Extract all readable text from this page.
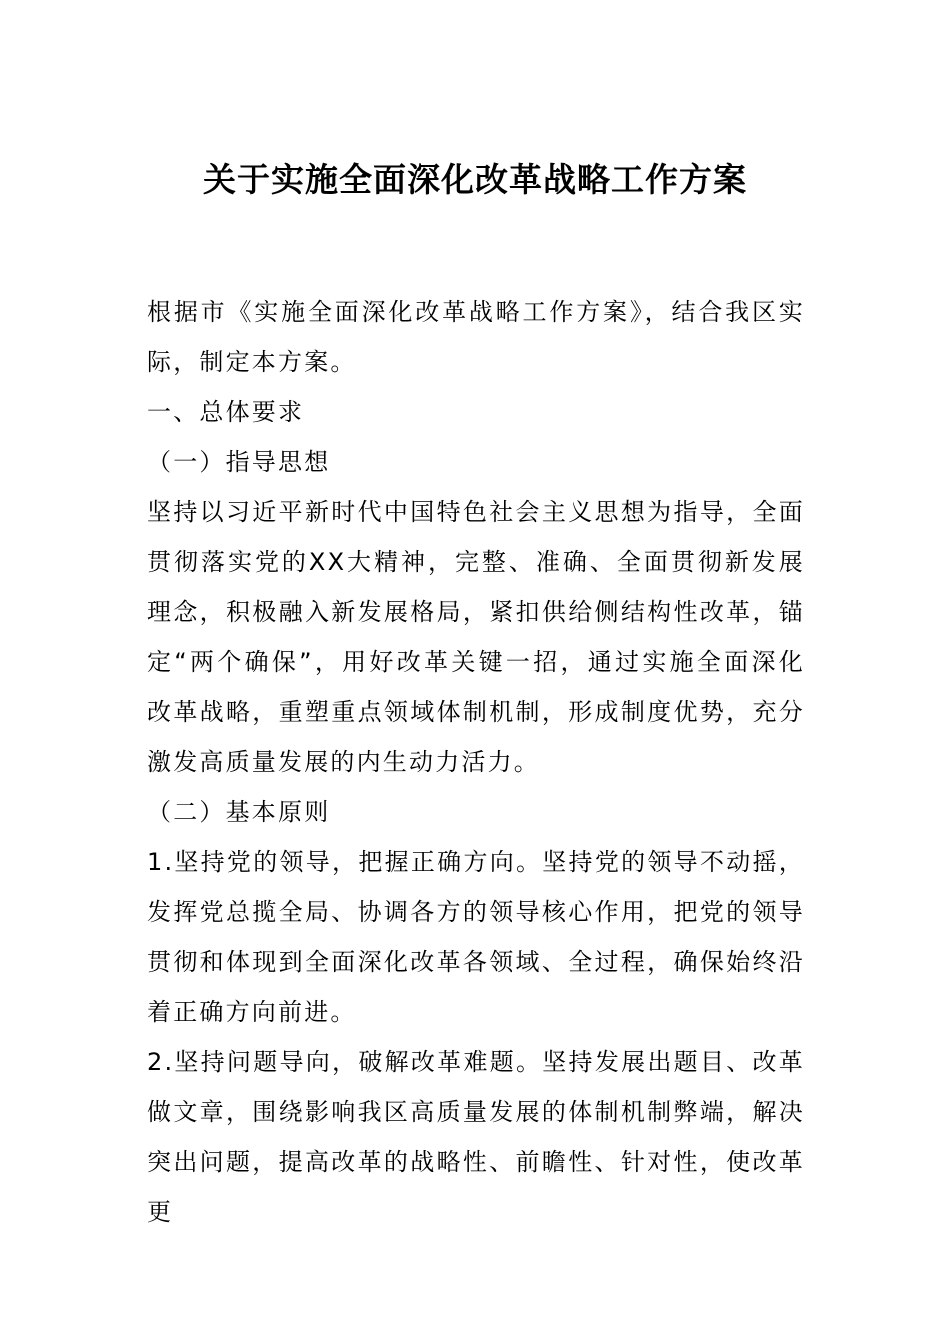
关于实施全面深化改革战略工作方案

根据市《实施全面深化改革战略工作方案》，结合我区实际，制定本方案。

一、总体要求

（一）指导思想

坚持以习近平新时代中国特色社会主义思想为指导，全面贯彻落实党的XX大精神，完整、准确、全面贯彻新发展理念，积极融入新发展格局，紧扣供给侧结构性改革，锚定“两个确保”，用好改革关键一招，通过实施全面深化改革战略，重塑重点领域体制机制，形成制度优势，充分激发高质量发展的内生动力活力。

（二）基本原则

1.坚持党的领导，把握正确方向。坚持党的领导不动摇，发挥党总揽全局、协调各方的领导核心作用，把党的领导贯彻和体现到全面深化改革各领域、全过程，确保始终沿着正确方向前进。

2.坚持问题导向，破解改革难题。坚持发展出题目、改革做文章，围绕影响我区高质量发展的体制机制弊端，解决突出问题，提高改革的战略性、前瞻性、针对性，使改革更
